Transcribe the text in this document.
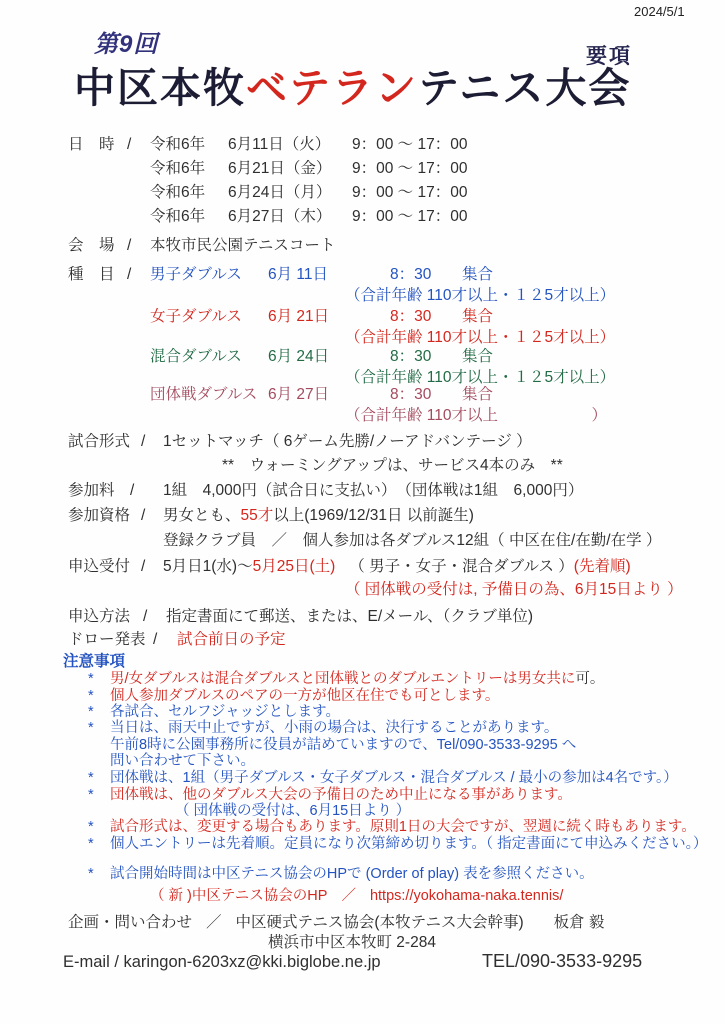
2024/5/1
第9回	要項
中区本牧ベテランテニス大会
日　時 / 令和6年 6月11日（火） 9：00 ～ 17：00
令和6年 6月21日（金） 9：00 ～ 17：00
令和6年 6月24日（月） 9：00 ～ 17：00
令和6年 6月27日（木） 9：00 ～ 17：00
会　場 / 本牧市民公園テニスコート
種　目 / 男子ダブルス 6月 11日	8：30 集合
（合計年齢 110才以上・１２5才以上）
女子ダブルス 6月 21日	8：30 集合
（合計年齢 110才以上・１２5才以上）
混合ダブルス 6月 24日	8：30 集合
（合計年齢 110才以上・１２5才以上）
団体戦ダブルス 6月 27日	8：30 集合
（合計年齢 110才以上	）
試合形式 / 1セットマッチ（ 6ゲーム先勝/ノーアドバンテージ ）
**　ウォーミングアップは、サービス4本のみ　**
参加料 / 1組　4,000円（試合日に支払い）　（団体戦は1組　6,000円）
参加資格 / 男女とも、55才以上(1969/12/31日 以前誕生)
登録クラブ員　／　個人参加は各ダブルス12組（ 中区在住/在勤/在学 ）
申込受付 / 5月日1(水)～5月25日(土) （ 男子・女子・混合ダブルス ）(先着順)
（ 団体戦の受付は, 予備日の為、6月15日より ）
申込方法 / 指定書面にて郵送、または、E/メール、（クラブ単位)
ドロー発表 / 試合前日の予定
注意事項
* 男/女ダブルスは混合ダブルスと団体戦とのダブルエントリーは男女共に可。
* 個人参加ダブルスのペアの一方が他区在住でも可とします。
* 各試合、セルフジャッジとします。
* 当日は、雨天中止ですが、小雨の場合は、決行することがあります。
午前8時に公園事務所に役員が詰めていますので、Tel/090-3533-9295 へ
問い合わせて下さい。
* 団体戦は、1組（男子ダブルス・女子ダブルス・混合ダブルス / 最小の参加は4名です。）
* 団体戦は、他のダブルス大会の予備日のため中止になる事があります。
（ 団体戦の受付は、6月15日より ）
* 試合形式は、変更する場合もあります。原則1日の大会ですが、翌週に続く時もあります。
* 個人エントリーは先着順。定員になり次第締め切ります。（ 指定書面にて申込みください。）
* 試合開始時間は中区テニス協会のHPで (Order of play) 表を参照ください。
（ 新 )中区テニス協会のHP ／ https://yokohama-naka.tennis/
企画・問い合わせ ／ 中区硬式テニス協会(本牧テニス大会幹事) 板倉 毅
横浜市中区本牧町 2-284
E-mail / karingon-6203xz@kki.biglobe.ne.jp	TEL/090-3533-9295
